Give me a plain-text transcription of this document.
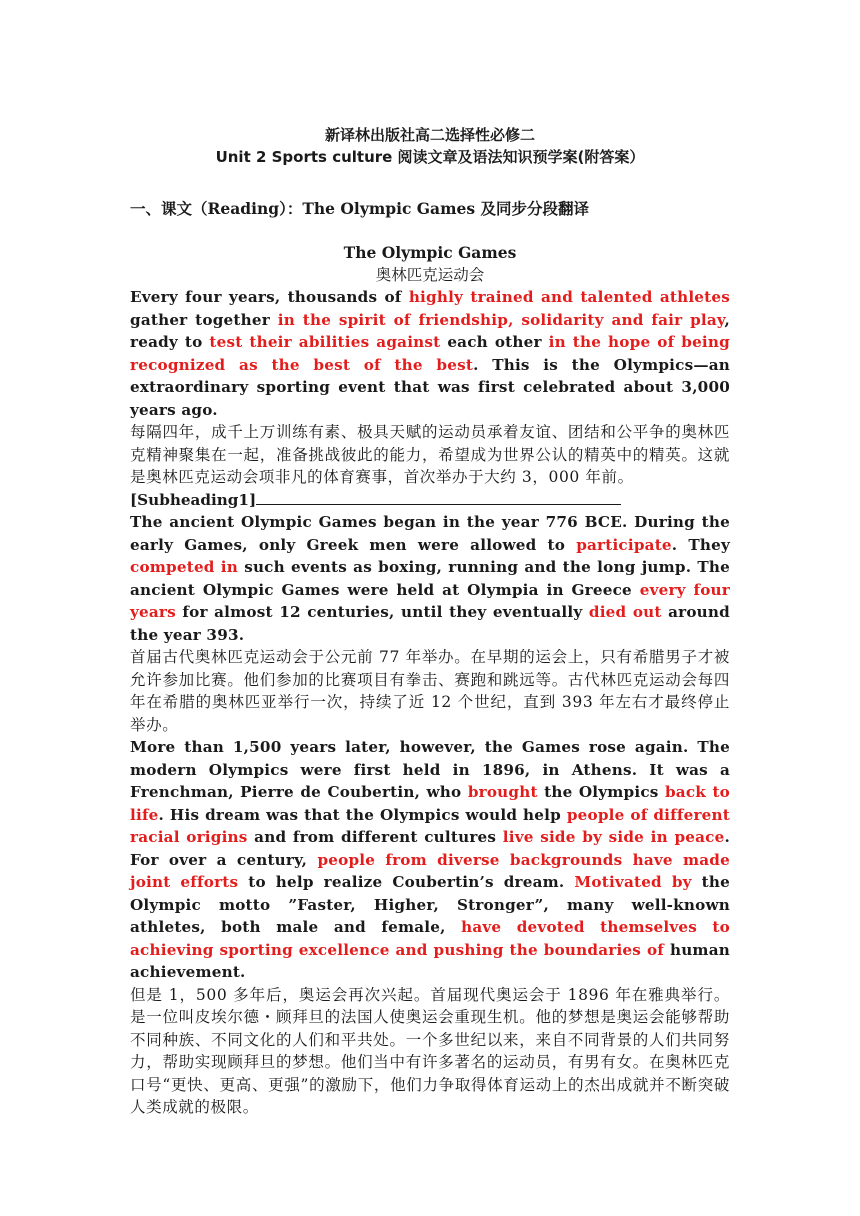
新译林出版社高二选择性必修二

Unit 2 Sports culture 阅读文章及语法知识预学案(附答案）

一、课文（Reading）：The Olympic Games 及同步分段翻译
The Olympic Games
奥林匹克运动会

Every four years, thousands of highly trained and talented athletes gather together in the spirit of friendship, solidarity and fair play, ready to test their abilities against each other in the hope of being recognized as the best of the best. This is the Olympics—an extraordinary sporting event that was first celebrated about 3,000 years ago.

每隔四年，成千上万训练有素、极具天赋的运动员承着友谊、团结和公平争的奥林匹克精神聚集在一起，准备挑战彼此的能力，希望成为世界公认的精英中的精英。这就是奥林匹克运动会项非凡的体育赛事，首次举办于大约 3，000 年前。

[Subheading1]

The ancient Olympic Games began in the year 776 BCE. During the early Games, only Greek men were allowed to participate. They competed in such events as boxing, running and the long jump. The ancient Olympic Games were held at Olympia in Greece every four years for almost 12 centuries, until they eventually died out around the year 393.

首届古代奥林匹克运动会于公元前 77 年举办。在早期的运会上，只有希腊男子才被允许参加比赛。他们参加的比赛项目有拳击、赛跑和跳远等。古代林匹克运动会每四年在希腊的奥林匹亚举行一次，持续了近 12 个世纪，直到 393 年左右才最终停止举办。

More than 1,500 years later, however, the Games rose again. The modern Olympics were first held in 1896, in Athens. It was a Frenchman, Pierre de Coubertin, who brought the Olympics back to life. His dream was that the Olympics would help people of different racial origins and from different cultures live side by side in peace. For over a century, people from diverse backgrounds have made joint efforts to help realize Coubertin’s dream. Motivated by the Olympic motto ”Faster, Higher, Stronger”, many well-known athletes, both male and female, have devoted themselves to achieving sporting excellence and pushing the boundaries of human achievement.

但是 1，500 多年后，奥运会再次兴起。首届现代奥运会于 1896 年在雅典举行。是一位叫皮埃尔德・顾拜旦的法国人使奥运会重现生机。他的梦想是奥运会能够帮助不同种族、不同文化的人们和平共处。一个多世纪以来，来自不同背景的人们共同努力，帮助实现顾拜旦的梦想。他们当中有许多著名的运动员，有男有女。在奥林匹克口号“更快、更高、更强”的激励下，他们力争取得体育运动上的杰出成就并不断突破人类成就的极限。
